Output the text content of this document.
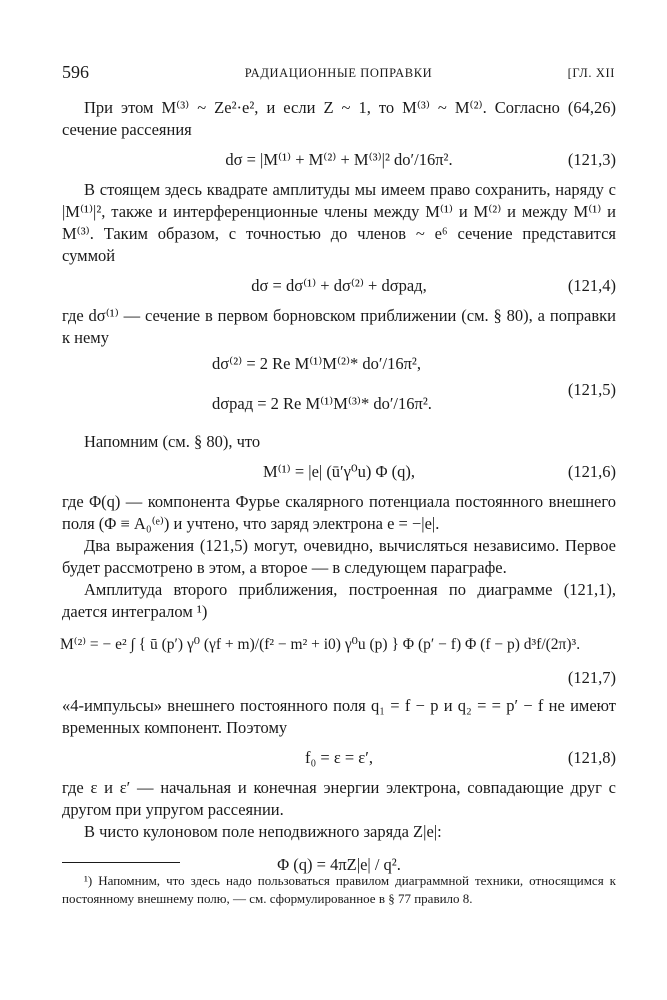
596	РАДИАЦИОННЫЕ ПОПРАВКИ	[ГЛ. XII

При этом M⁽³⁾ ~ Ze²·e², и если Z ~ 1, то M⁽³⁾ ~ M⁽²⁾. Согласно (64,26) сечение рассеяния

dσ = |M⁽¹⁾ + M⁽²⁾ + M⁽³⁾|² do′/16π².	(121,3)

В стоящем здесь квадрате амплитуды мы имеем право сохранить, наряду с |M⁽¹⁾|², также и интерференционные члены между M⁽¹⁾ и M⁽²⁾ и между M⁽¹⁾ и M⁽³⁾. Таким образом, с точностью до членов ~ e⁶ сечение представится суммой

dσ = dσ⁽¹⁾ + dσ⁽²⁾ + dσрад,	(121,4)

где dσ⁽¹⁾ — сечение в первом борновском приближении (см. § 80), а поправки к нему

dσ⁽²⁾ = 2 Re M⁽¹⁾M⁽²⁾* do′/16π²,
dσрад = 2 Re M⁽¹⁾M⁽³⁾* do′/16π².
(121,5)

Напомним (см. § 80), что

M⁽¹⁾ = |e| (ū′γ⁰u) Φ (q),	(121,6)

где Φ(q) — компонента Фурье скалярного потенциала постоянного внешнего поля (Φ ≡ A₀⁽ᵉ⁾) и учтено, что заряд электрона e = −|e|.

Два выражения (121,5) могут, очевидно, вычисляться независимо. Первое будет рассмотрено в этом, а второе — в следующем параграфе.

Амплитуда второго приближения, построенная по диаграмме (121,1), дается интегралом ¹)

M⁽²⁾ = − e² ∫ { ū (p′) γ⁰ (γf + m)/(f² − m² + i0) γ⁰u (p) } Φ (p′ − f) Φ (f − p) d³f/(2π)³.
(121,7)

«4-импульсы» внешнего постоянного поля q₁ = f − p и q₂ = = p′ − f не имеют временных компонент. Поэтому

f₀ = ε = ε′,	(121,8)

где ε и ε′ — начальная и конечная энергии электрона, совпадающие друг с другом при упругом рассеянии.

В чисто кулоновом поле неподвижного заряда Z|e|:

Φ (q) = 4πZ|e| / q².

¹) Напомним, что здесь надо пользоваться правилом диаграммной техники, относящимся к постоянному внешнему полю, — см. сформулированное в § 77 правило 8.
